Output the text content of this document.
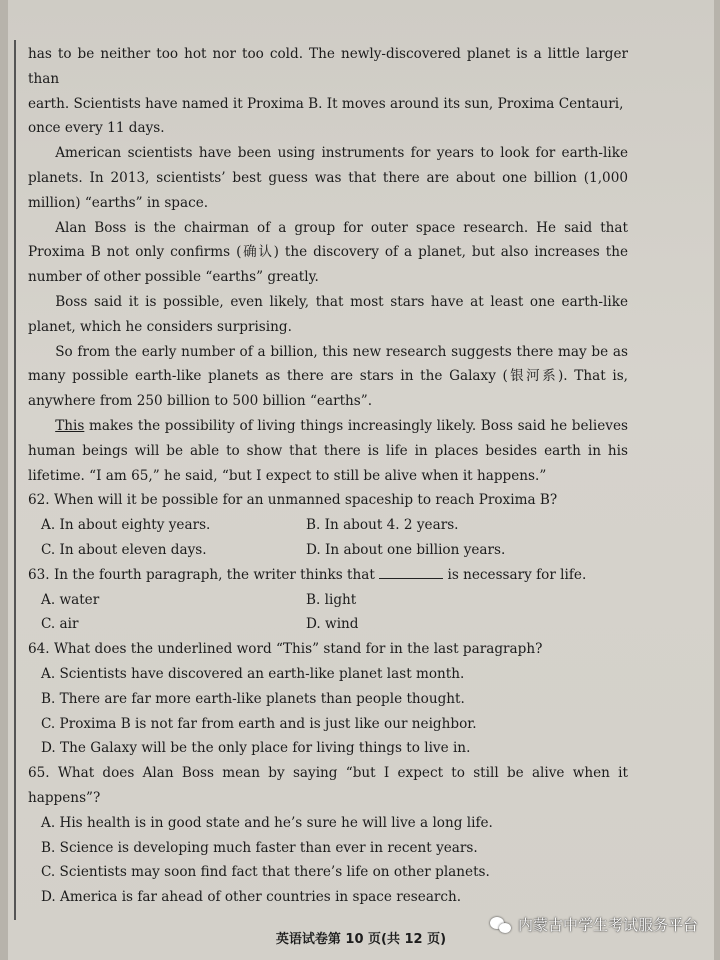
has to be neither too hot nor too cold. The newly-discovered planet is a little larger than

earth. Scientists have named it Proxima B. It moves around its sun, Proxima Centauri,

once every 11 days.

American scientists have been using instruments for years to look for earth-like planets. In 2013, scientists’ best guess was that there are about one billion (1,000 million) “earths” in space.

Alan Boss is the chairman of a group for outer space research. He said that Proxima B not only confirms (确认) the discovery of a planet, but also increases the number of other possible “earths” greatly.

Boss said it is possible, even likely, that most stars have at least one earth-like planet, which he considers surprising.

So from the early number of a billion, this new research suggests there may be as many possible earth-like planets as there are stars in the Galaxy (银河系). That is, anywhere from 250 billion to 500 billion “earths”.

This makes the possibility of living things increasingly likely. Boss said he believes human beings will be able to show that there is life in places besides earth in his lifetime. “I am 65,” he said, “but I expect to still be alive when it happens.”

62. When will it be possible for an unmanned spaceship to reach Proxima B?

A. In about eighty years.	B. In about 4. 2 years.
C. In about eleven days.	D. In about one billion years.

63. In the fourth paragraph, the writer thinks that	is necessary for life.

A. water	B. light
C. air	D. wind

64. What does the underlined word “This” stand for in the last paragraph?

A. Scientists have discovered an earth-like planet last month.

B. There are far more earth-like planets than people thought.

C. Proxima B is not far from earth and is just like our neighbor.

D. The Galaxy will be the only place for living things to live in.

65. What does Alan Boss mean by saying “but I expect to still be alive when it happens”?

A. His health is in good state and he’s sure he will live a long life.

B. Science is developing much faster than ever in recent years.

C. Scientists may soon find fact that there’s life on other planets.

D. America is far ahead of other countries in space research.

英语试卷第 10 页(共 12 页)
内蒙古中学生考试服务平台
